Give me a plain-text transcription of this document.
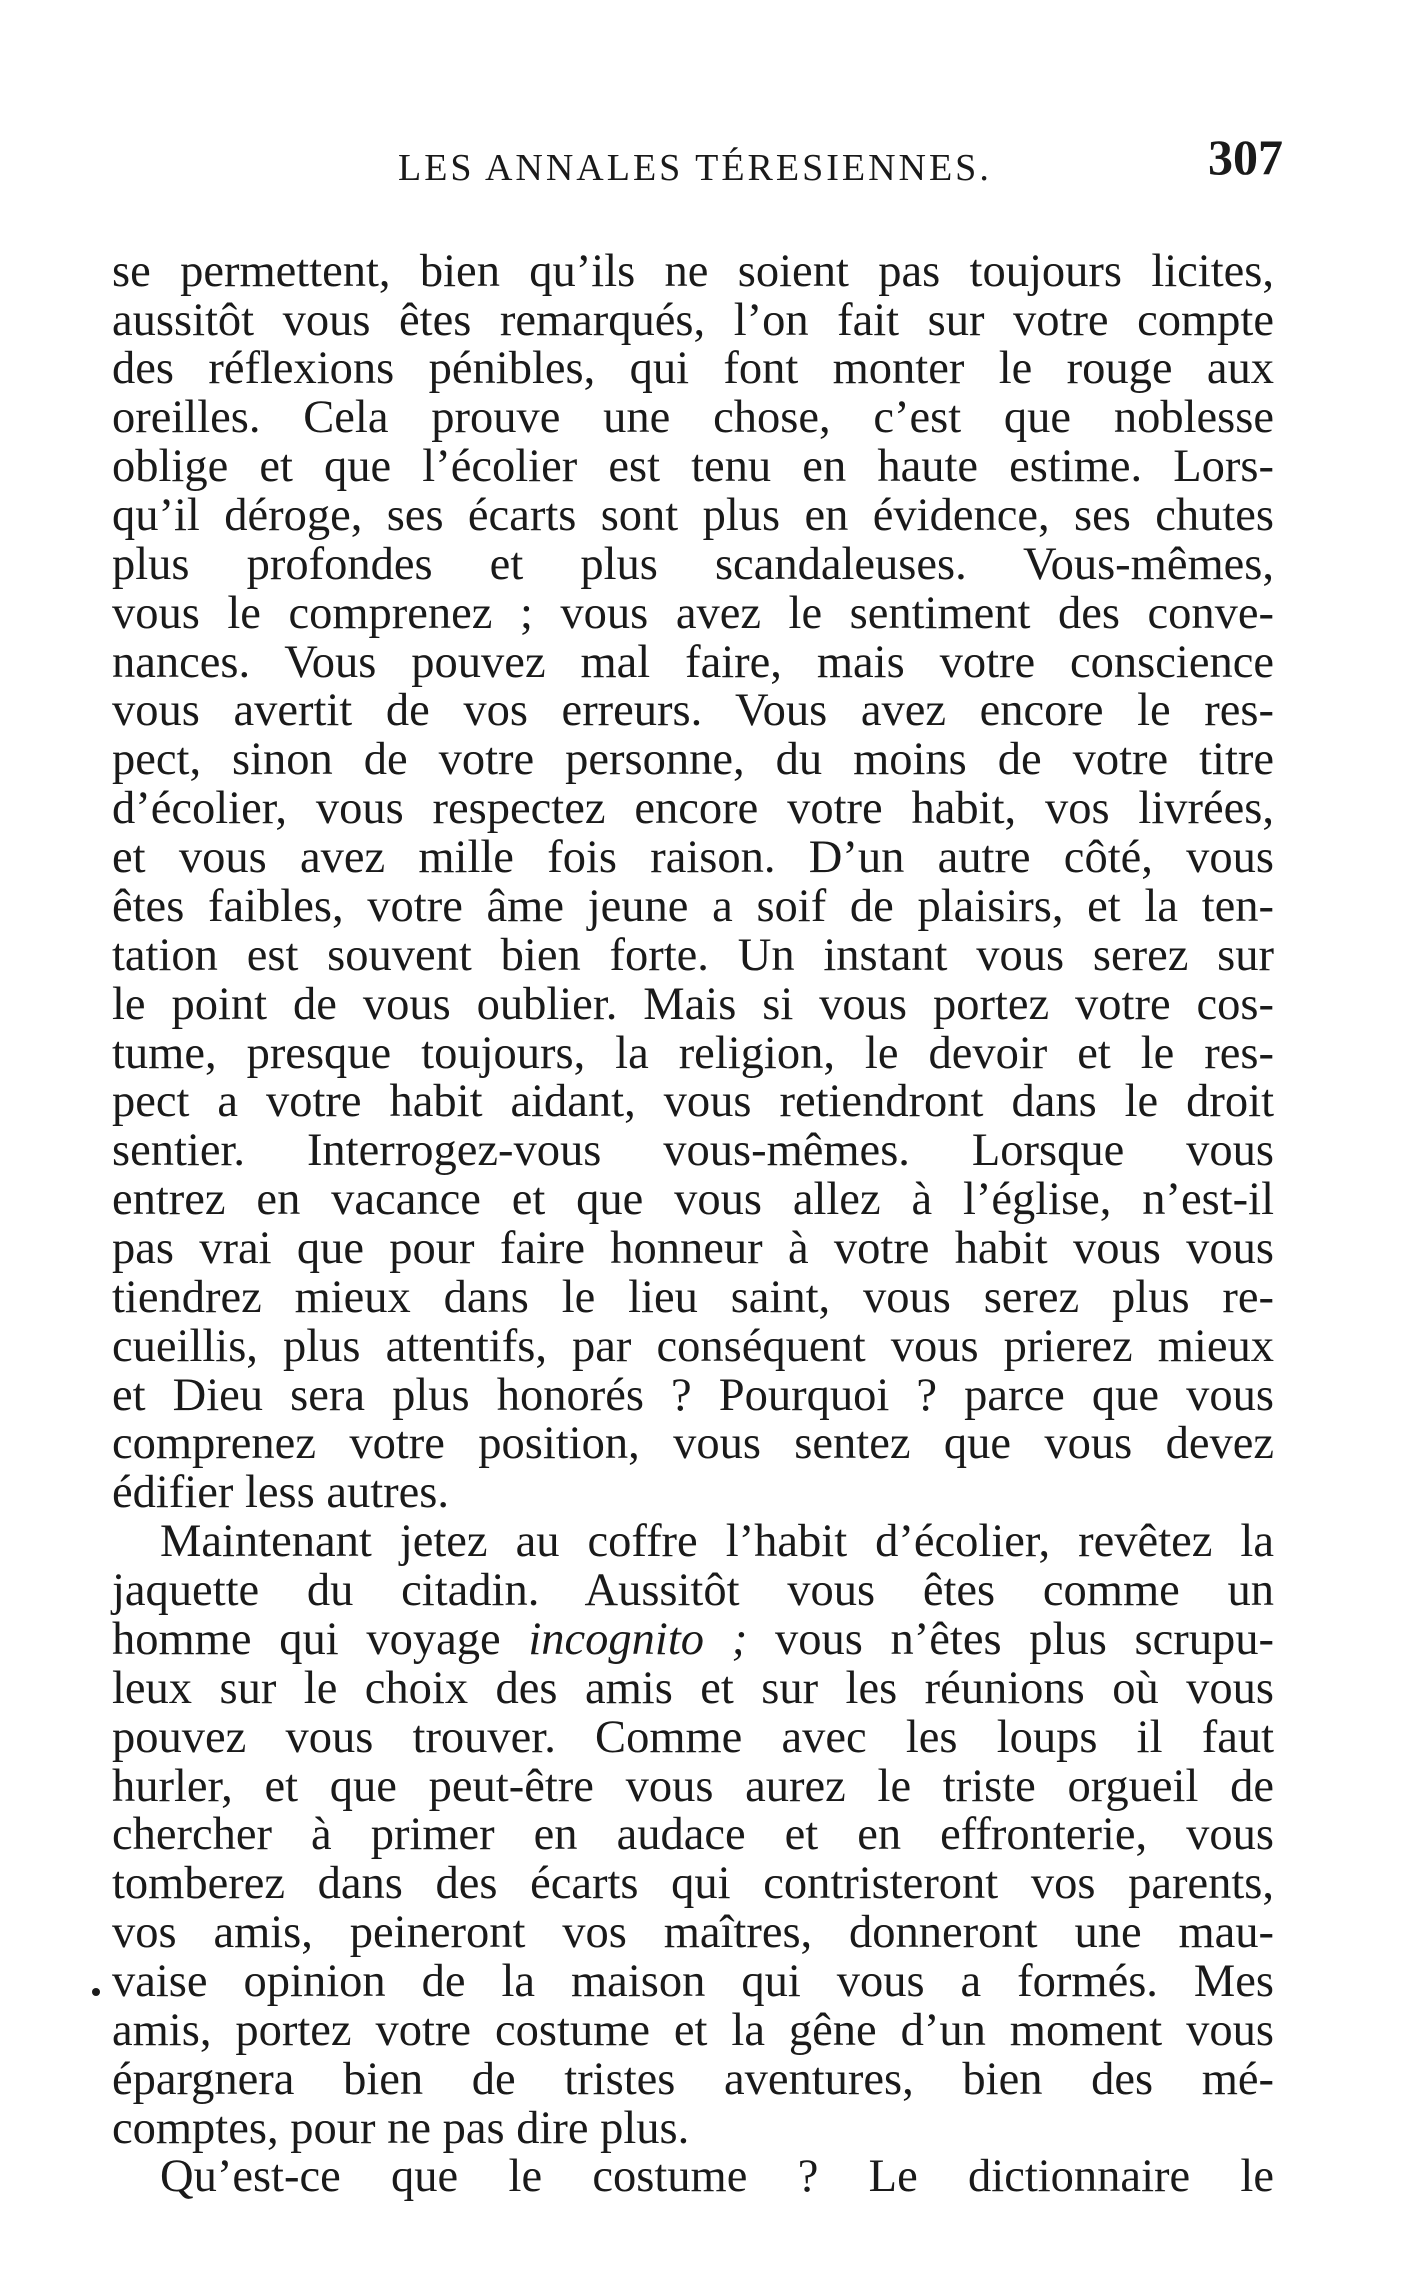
LES ANNALES TÉRESIENNES.	307
se permettent, bien qu’ils ne soient pas toujours licites,
aussitôt vous êtes remarqués, l’on fait sur votre compte
des réflexions pénibles, qui font monter le rouge aux
oreilles. Cela prouve une chose, c’est que noblesse
oblige et que l’écolier est tenu en haute estime. Lors-
qu’il déroge, ses écarts sont plus en évidence, ses chutes
plus profondes et plus scandaleuses. Vous-mêmes,
vous le comprenez ; vous avez le sentiment des conve-
nances. Vous pouvez mal faire, mais votre conscience
vous avertit de vos erreurs. Vous avez encore le res-
pect, sinon de votre personne, du moins de votre titre
d’écolier, vous respectez encore votre habit, vos livrées,
et vous avez mille fois raison. D’un autre côté, vous
êtes faibles, votre âme jeune a soif de plaisirs, et la ten-
tation est souvent bien forte. Un instant vous serez sur
le point de vous oublier. Mais si vous portez votre cos-
tume, presque toujours, la religion, le devoir et le res-
pect a votre habit aidant, vous retiendront dans le droit
sentier. Interrogez-vous vous-mêmes. Lorsque vous
entrez en vacance et que vous allez à l’église, n’est-il
pas vrai que pour faire honneur à votre habit vous vous
tiendrez mieux dans le lieu saint, vous serez plus re-
cueillis, plus attentifs, par conséquent vous prierez mieux
et Dieu sera plus honorés ? Pourquoi ? parce que vous
comprenez votre position, vous sentez que vous devez
édifier less autres.
Maintenant jetez au coffre l’habit d’écolier, revêtez la
jaquette du citadin. Aussitôt vous êtes comme un
homme qui voyage incognito ; vous n’êtes plus scrupu-
leux sur le choix des amis et sur les réunions où vous
pouvez vous trouver. Comme avec les loups il faut
hurler, et que peut-être vous aurez le triste orgueil de
chercher à primer en audace et en effronterie, vous
tomberez dans des écarts qui contristeront vos parents,
vos amis, peineront vos maîtres, donneront une mau-
vaise opinion de la maison qui vous a formés. Mes
amis, portez votre costume et la gêne d’un moment vous
épargnera bien de tristes aventures, bien des mé-
comptes, pour ne pas dire plus.
Qu’est-ce que le costume ? Le dictionnaire le
